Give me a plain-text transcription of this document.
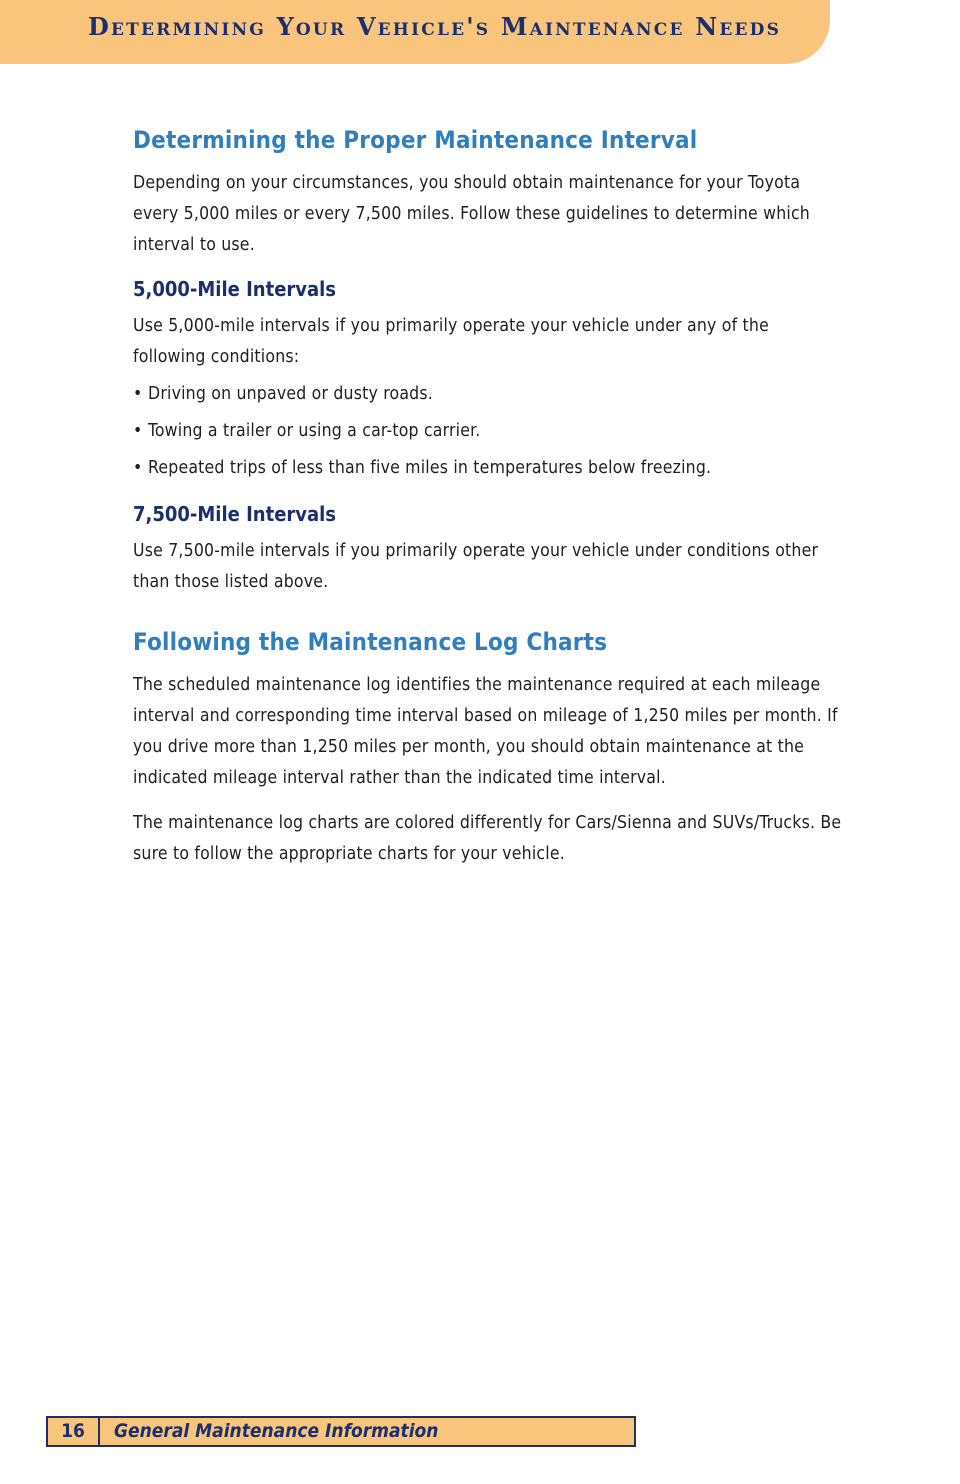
Determining Your Vehicle's Maintenance Needs
Determining the Proper Maintenance Interval

Depending on your circumstances, you should obtain maintenance for your Toyota every 5,000 miles or every 7,500 miles. Follow these guidelines to determine which interval to use.

5,000-Mile Intervals

Use 5,000-mile intervals if you primarily operate your vehicle under any of the following conditions:

• Driving on unpaved or dusty roads.
• Towing a trailer or using a car-top carrier.
• Repeated trips of less than five miles in temperatures below freezing.
7,500-Mile Intervals

Use 7,500-mile intervals if you primarily operate your vehicle under conditions other than those listed above.

Following the Maintenance Log Charts

The scheduled maintenance log identifies the maintenance required at each mileage interval and corresponding time interval based on mileage of 1,250 miles per month. If you drive more than 1,250 miles per month, you should obtain maintenance at the indicated mileage interval rather than the indicated time interval.

The maintenance log charts are colored differently for Cars/Sienna and SUVs/Trucks. Be sure to follow the appropriate charts for your vehicle.

16	General Maintenance Information
